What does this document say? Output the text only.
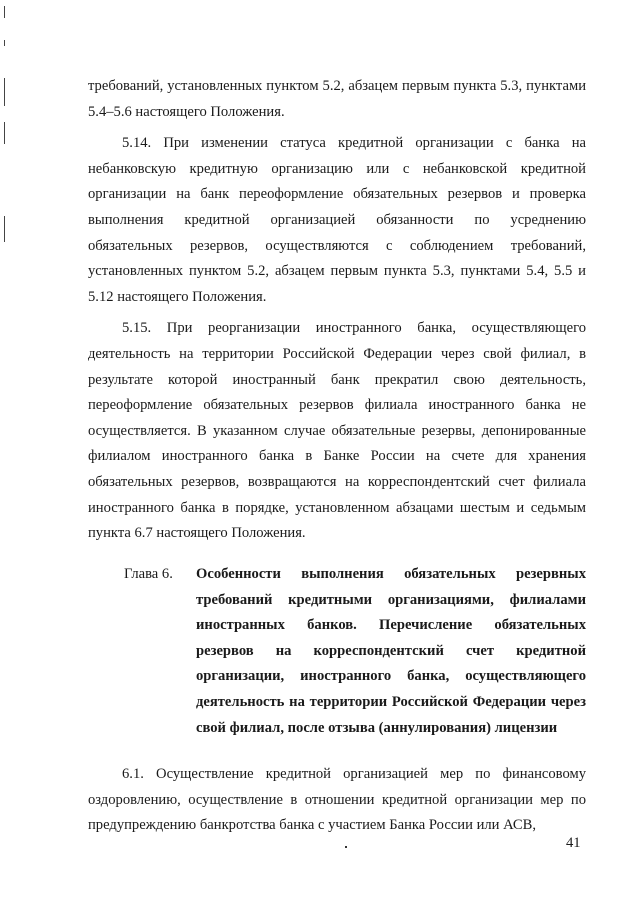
требований, установленных пунктом 5.2, абзацем первым пункта 5.3, пунктами 5.4–5.6 настоящего Положения.

5.14. При изменении статуса кредитной организации с банка на небанковскую кредитную организацию или с небанковской кредитной организации на банк переоформление обязательных резервов и проверка выполнения кредитной организацией обязанности по усреднению обязательных резервов, осуществляются с соблюдением требований, установленных пунктом 5.2, абзацем первым пункта 5.3, пунктами 5.4, 5.5 и 5.12 настоящего Положения.

5.15. При реорганизации иностранного банка, осуществляющего деятельность на территории Российской Федерации через свой филиал, в результате которой иностранный банк прекратил свою деятельность, переоформление обязательных резервов филиала иностранного банка не осуществляется. В указанном случае обязательные резервы, депонированные филиалом иностранного банка в Банке России на счете для хранения обязательных резервов, возвращаются на корреспондентский счет филиала иностранного банка в порядке, установленном абзацами шестым и седьмым пункта 6.7 настоящего Положения.

Глава 6.	Особенности выполнения обязательных резервных требований кредитными организациями, филиалами иностранных банков. Перечисление обязательных резервов на корреспондентский счет кредитной организации, иностранного банка, осуществляющего деятельность на территории Российской Федерации через свой филиал, после отзыва (аннулирования) лицензии

6.1. Осуществление кредитной организацией мер по финансовому оздоровлению, осуществление в отношении кредитной организации мер по предупреждению банкротства банка с участием Банка России или АСВ,

41
